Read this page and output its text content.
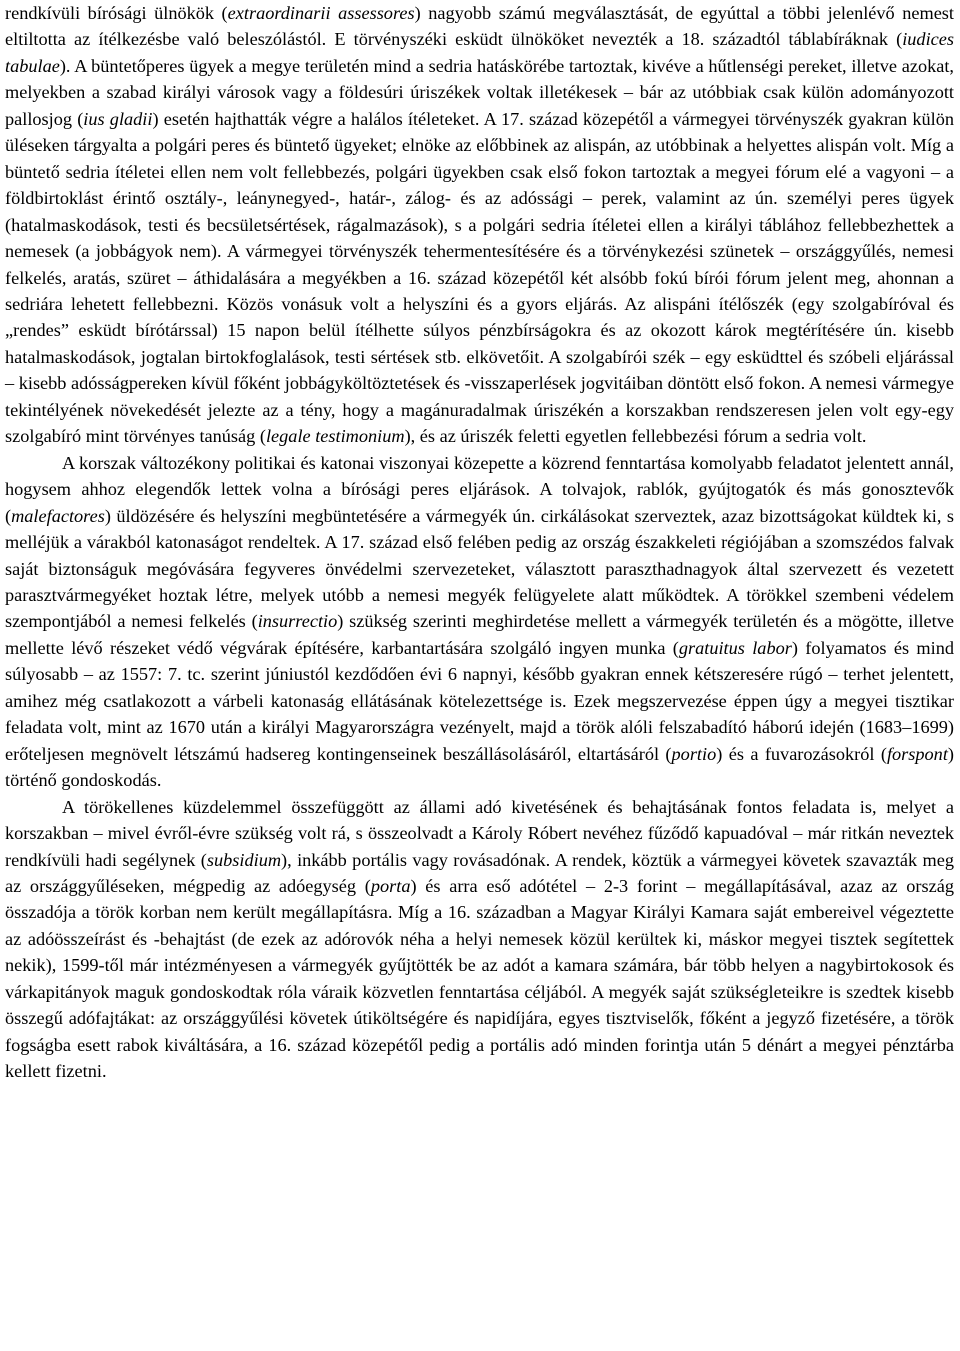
rendkívüli bírósági ülnökök (extraordinarii assessores) nagyobb számú megválasztását, de egyúttal a többi jelenlévő nemest eltiltotta az ítélkezésbe való beleszólástól. E törvényszéki esküdt ülnököket nevezték a 18. századtól táblabíráknak (iudices tabulae). A büntetőperes ügyek a megye területén mind a sedria hatáskörébe tartoztak, kivéve a hűtlenségi pereket, illetve azokat, melyekben a szabad királyi városok vagy a földesúri úriszékek voltak illetékesek – bár az utóbbiak csak külön adományozott pallosjog (ius gladii) esetén hajthatták végre a halálos ítéleteket. A 17. század közepétől a vármegyei törvényszék gyakran külön üléseken tárgyalta a polgári peres és büntető ügyeket; elnöke az előbbinek az alispán, az utóbbinak a helyettes alispán volt. Míg a büntető sedria ítéletei ellen nem volt fellebbezés, polgári ügyekben csak első fokon tartoztak a megyei fórum elé a vagyoni – a földbirtoklást érintő osztály-, leánynegyed-, határ-, zálog- és az adóssági – perek, valamint az ún. személyi peres ügyek (hatalmaskodások, testi és becsületsértések, rágalmazások), s a polgári sedria ítéletei ellen a királyi táblához fellebbezhettek a nemesek (a jobbágyok nem). A vármegyei törvényszék tehermentesítésére és a törvénykezési szünetek – országgyűlés, nemesi felkelés, aratás, szüret – áthidalására a megyékben a 16. század közepétől két alsóbb fokú bírói fórum jelent meg, ahonnan a sedriára lehetett fellebbezni. Közös vonásuk volt a helyszíni és a gyors eljárás. Az alispáni ítélőszék (egy szolgabíróval és „rendes” esküdt bírótárssal) 15 napon belül ítélhette súlyos pénzbírságokra és az okozott károk megtérítésére ún. kisebb hatalmaskodások, jogtalan birtokfoglalások, testi sértések stb. elkövetőit. A szolgabírói szék – egy esküdttel és szóbeli eljárással – kisebb adósságpereken kívül főként jobbágyköltöztetések és -visszaperlések jogvitáiban döntött első fokon. A nemesi vármegye tekintélyének növekedését jelezte az a tény, hogy a magánuradalmak úriszékén a korszakban rendszeresen jelen volt egy-egy szolgabíró mint törvényes tanúság (legale testimonium), és az úriszék feletti egyetlen fellebbezési fórum a sedria volt.

A korszak változékony politikai és katonai viszonyai közepette a közrend fenntartása komolyabb feladatot jelentett annál, hogysem ahhoz elegendők lettek volna a bírósági peres eljárások. A tolvajok, rablók, gyújtogatók és más gonosztevők (malefactores) üldözésére és helyszíni megbüntetésére a vármegyék ún. cirkálásokat szerveztek, azaz bizottságokat küldtek ki, s melléjük a várakból katonaságot rendeltek. A 17. század első felében pedig az ország északkeleti régiójában a szomszédos falvak saját biztonságuk megóvására fegyveres önvédelmi szervezeteket, választott paraszthadnagyok által szervezett és vezetett parasztvármegyéket hoztak létre, melyek utóbb a nemesi megyék felügyelete alatt működtek. A törökkel szembeni védelem szempontjából a nemesi felkelés (insurrectio) szükség szerinti meghirdetése mellett a vármegyék területén és a mögötte, illetve mellette lévő részeket védő végvárak építésére, karbantartására szolgáló ingyen munka (gratuitus labor) folyamatos és mind súlyosabb – az 1557: 7. tc. szerint júniustól kezdődően évi 6 napnyi, később gyakran ennek kétszeresére rúgó – terhet jelentett, amihez még csatlakozott a várbeli katonaság ellátásának kötelezettsége is. Ezek megszervezése éppen úgy a megyei tisztikar feladata volt, mint az 1670 után a királyi Magyarországra vezényelt, majd a török alóli felszabadító háború idején (1683–1699) erőteljesen megnövelt létszámú hadsereg kontingenseinek beszállásolásáról, eltartásáról (portio) és a fuvarozásokról (forspont) történő gondoskodás.

A törökellenes küzdelemmel összefüggött az állami adó kivetésének és behajtásának fontos feladata is, melyet a korszakban – mivel évről-évre szükség volt rá, s összeolvadt a Károly Róbert nevéhez fűződő kapuadóval – már ritkán neveztek rendkívüli hadi segélynek (subsidium), inkább portális vagy rovásadónak. A rendek, köztük a vármegyei követek szavazták meg az országgyűléseken, mégpedig az adóegység (porta) és arra eső adótétel – 2-3 forint – megállapításával, azaz az ország összadója a török korban nem került megállapításra. Míg a 16. században a Magyar Királyi Kamara saját embereivel végeztette az adóösszeírást és -behajtást (de ezek az adórovók néha a helyi nemesek közül kerültek ki, máskor megyei tisztek segítettek nekik), 1599-től már intézményesen a vármegyék gyűjtötték be az adót a kamara számára, bár több helyen a nagybirtokosok és várkapitányok maguk gondoskodtak róla váraik közvetlen fenntartása céljából. A megyék saját szükségleteikre is szedtek kisebb összegű adófajtákat: az országgyűlési követek útiköltségére és napidíjára, egyes tisztviselők, főként a jegyző fizetésére, a török fogságba esett rabok kiváltására, a 16. század közepétől pedig a portális adó minden forintja után 5 dénárt a megyei pénztárba kellett fizetni.
